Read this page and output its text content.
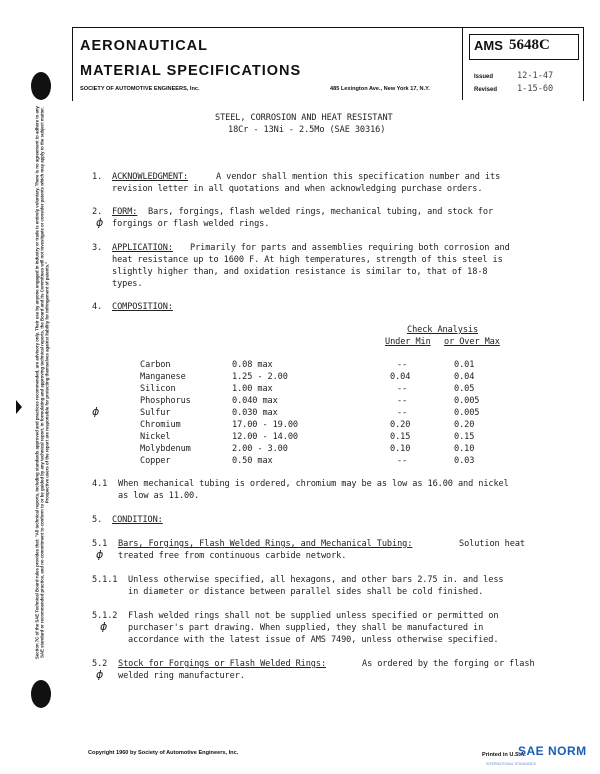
Section 7C of the SAE Technical Board rules provides that: "All technical reports, including standards approved and practices recommended, are advisory only. Their use by anyone engaged in industry or trade is entirely voluntary. There is no agreement to adhere to any SAE standard or recommended practice, and no commitment to conform to or be guided by any technical report. In formulating and approving technical reports, the Board and its Committees will not investigate or consider patents which may apply to the subject matter. Prospective users of the report are responsible for protecting themselves against liability for infringement of patents."
AERONAUTICAL
MATERIAL SPECIFICATIONS
SOCIETY OF AUTOMOTIVE ENGINEERS, Inc.	485 Lexington Ave., New York 17, N.Y.
AMS 5648C
Issued	12-1-47
Revised 1-15-60
STEEL, CORROSION AND HEAT RESISTANT
18Cr - 13Ni - 2.5Mo (SAE 30316)
1. ACKNOWLEDGMENT:	A vendor shall mention this specification number and its
revision letter in all quotations and when acknowledging purchase orders.
2.
ϕ
FORM: Bars, forgings, flash welded rings, mechanical tubing, and stock for
forgings or flash welded rings.
3. APPLICATION: Primarily for parts and assemblies requiring both corrosion and
heat resistance up to 1600 F. At high temperatures, strength of this steel is
slightly higher than, and oxidation resistance is similar to, that of 18-8
types.
4. COMPOSITION:
Check Analysis
Under Min or Over Max
Carbon	0.08 max	--	0.01
Manganese	1.25 - 2.00	0.04	0.04
Silicon	1.00 max	--	0.05
Phosphorus	0.040 max	--	0.005
ϕ	Sulfur	0.030 max	--	0.005
Chromium	17.00 - 19.00	0.20	0.20
Nickel	12.00 - 14.00	0.15	0.15
Molybdenum	2.00 - 3.00	0.10	0.10
Copper	0.50 max	--	0.03
4.1 When mechanical tubing is ordered, chromium may be as low as 16.00 and nickel
as low as 11.00.
5. CONDITION:
5.1
ϕ
Bars, Forgings, Flash Welded Rings, and Mechanical Tubing:	Solution heat
treated free from continuous carbide network.
5.1.1 Unless otherwise specified, all hexagons, and other bars 2.75 in. and less
in diameter or distance between parallel sides shall be cold finished.
5.1.2
ϕ
Flash welded rings shall not be supplied unless specified or permitted on
purchaser's part drawing. When supplied, they shall be manufactured in
accordance with the latest issue of AMS 7490, unless otherwise specified.
5.2
ϕ
Stock for Forgings or Flash Welded Rings:	As ordered by the forging or flash
welded ring manufacturer.
Copyright 1960 by Society of Automotive Engineers, Inc.	Printed in U.S.A.
SAE NORM
INTERNATIONAL STANDARDS
